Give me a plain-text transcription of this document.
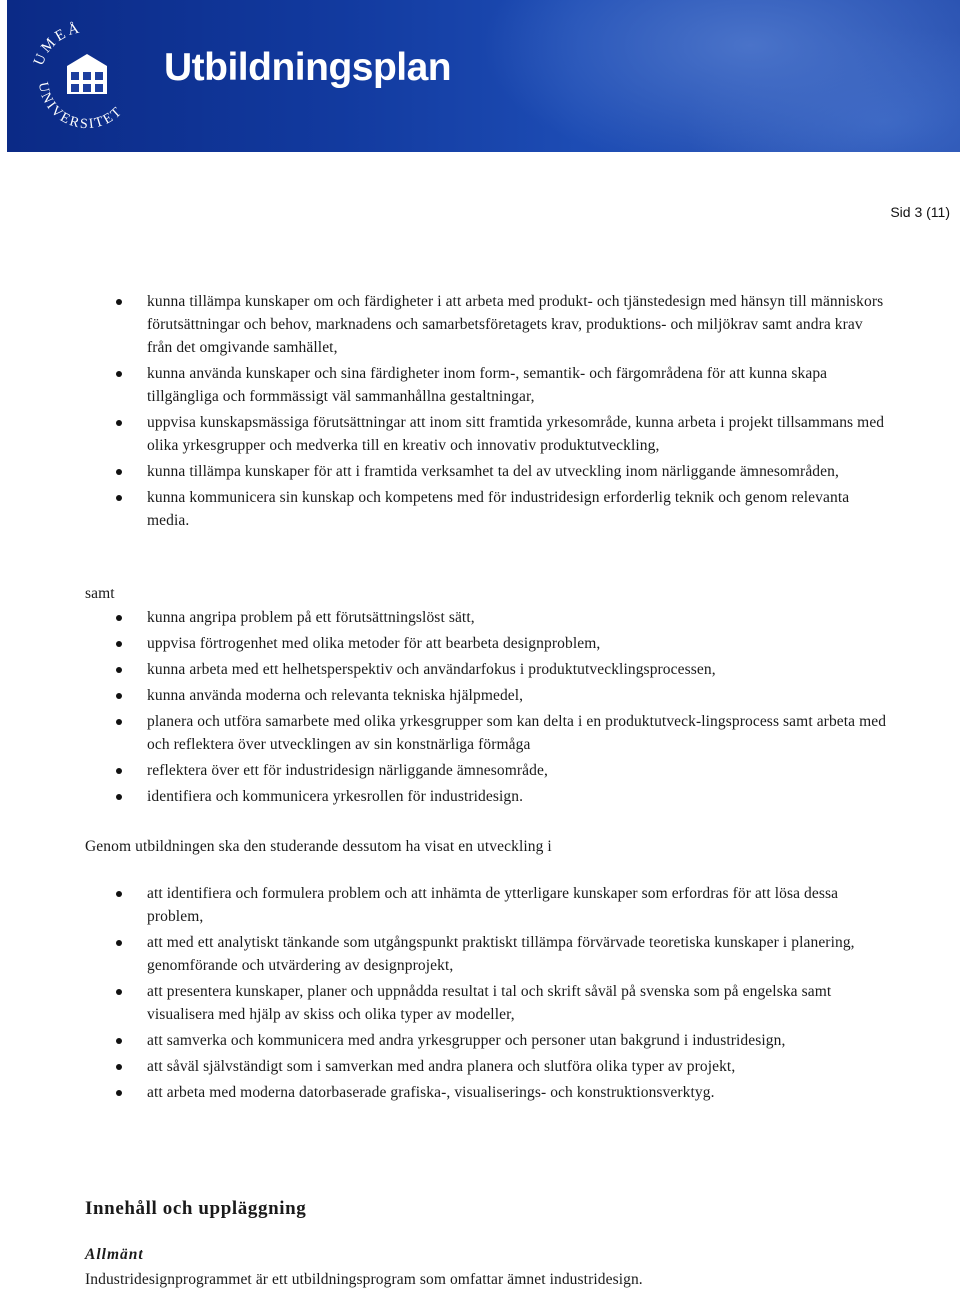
UMEÅ
UNIVERSITET
Utbildningsplan
Sid 3 (11)
kunna tillämpa kunskaper om och färdigheter i att arbeta med produkt- och tjänstedesign med hänsyn till människors förutsättningar och behov, marknadens och samarbetsföretagets krav, produktions- och miljökrav samt andra krav från det omgivande samhället,
kunna använda kunskaper och sina färdigheter inom form-, semantik- och färgområdena för att kunna skapa tillgängliga och formmässigt väl sammanhållna gestaltningar,
uppvisa kunskapsmässiga förutsättningar att inom sitt framtida yrkesområde, kunna arbeta i projekt tillsammans med olika yrkesgrupper och medverka till en kreativ och innovativ produktutveckling,
kunna tillämpa kunskaper för att i framtida verksamhet ta del av utveckling inom närliggande ämnesområden,
kunna kommunicera sin kunskap och kompetens med för industridesign erforderlig teknik och genom relevanta media.
samt
kunna angripa problem på ett förutsättningslöst sätt,
uppvisa förtrogenhet med olika metoder för att bearbeta designproblem,
kunna arbeta med ett helhetsperspektiv och användarfokus i produktutvecklingsprocessen,
kunna använda moderna och relevanta tekniska hjälpmedel,
planera och utföra samarbete med olika yrkesgrupper som kan delta i en produktutveck-lingsprocess samt arbeta med och reflektera över utvecklingen av sin konstnärliga förmåga
reflektera över ett för industridesign närliggande ämnesområde,
identifiera och kommunicera yrkesrollen för industridesign.
Genom utbildningen ska den studerande dessutom ha visat en utveckling i
att identifiera och formulera problem och att inhämta de ytterligare kunskaper som erfordras för att lösa dessa problem,
att med ett analytiskt tänkande som utgångspunkt praktiskt tillämpa förvärvade teoretiska kunskaper i planering, genomförande och utvärdering av designprojekt,
att presentera kunskaper, planer och uppnådda resultat i tal och skrift såväl på svenska som på engelska samt visualisera med hjälp av skiss och olika typer av modeller,
att samverka och kommunicera med andra yrkesgrupper och personer utan bakgrund i industridesign,
att såväl självständigt som i samverkan med andra planera och slutföra olika typer av projekt,
att arbeta med moderna datorbaserade grafiska-, visualiserings- och konstruktionsverktyg.
Innehåll och uppläggning
Allmänt
Industridesignprogrammet är ett utbildningsprogram som omfattar ämnet industridesign.
